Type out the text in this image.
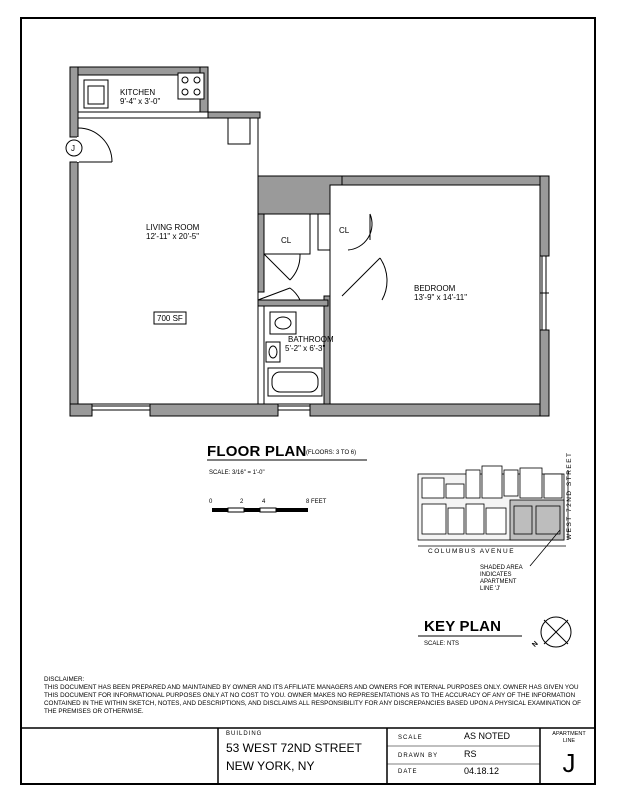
KITCHEN
9'-4" x 3'-0"
LIVING ROOM
12'-11" x 20'-5"
BEDROOM
13'-9" x 14'-11"
BATHROOM
5'-2" x 6'-3"
CL
CL
700 SF
J
FLOOR PLAN (FLOORS: 3 TO 6)
SCALE: 3/16" = 1'-0"
0	2	4	8 FEET	WEST 72ND STREET
COLUMBUS AVENUE
SHADED AREA
INDICATES
APARTMENT
LINE 'J'
KEY PLAN
SCALE: NTS	N
DISCLAIMER:
THIS DOCUMENT HAS BEEN PREPARED AND MAINTAINED BY OWNER AND ITS AFFILIATE MANAGERS AND OWNERS FOR INTERNAL PURPOSES ONLY. OWNER HAS GIVEN YOU THIS DOCUMENT FOR INFORMATIONAL PURPOSES ONLY AT NO COST TO YOU. OWNER MAKES NO REPRESENTATIONS AS TO THE ACCURACY OF ANY OF THE INFORMATION CONTAINED IN THE WITHIN SKETCH, NOTES, AND DESCRIPTIONS, AND DISCLAIMS ALL RESPONSIBILITY FOR ANY DISCREPANCIES BASED UPON A PHYSICAL EXAMINATION OF THE PREMISES OR OTHERWISE.
BUILDING
53 WEST 72ND STREET
NEW YORK, NY
SCALE	AS NOTED
DRAWN BY	RS
DATE	04.18.12
APARTMENT
LINE
J
